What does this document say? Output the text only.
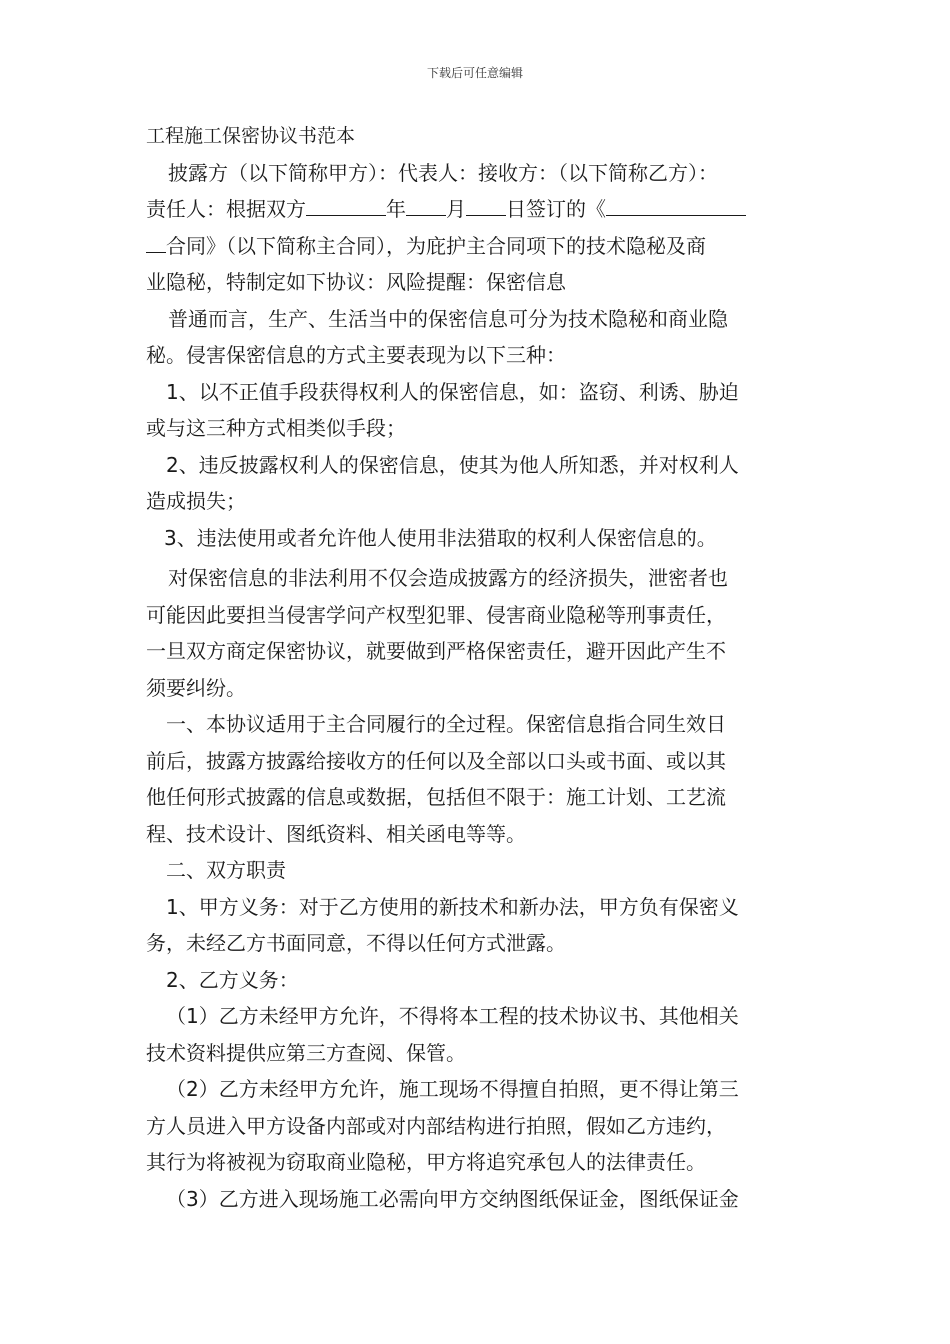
下载后可任意编辑
工程施工保密协议书范本
披露方（以下简称甲方）：代表人：接收方：（以下简称乙方）：
责任人：根据双方	年 月 日签订的《
合同》（以下简称主合同），为庇护主合同项下的技术隐秘及商
业隐秘，特制定如下协议：风险提醒：保密信息
普通而言，生产、生活当中的保密信息可分为技术隐秘和商业隐
秘。侵害保密信息的方式主要表现为以下三种：
1、以不正值手段获得权利人的保密信息，如：盗窃、利诱、胁迫
或与这三种方式相类似手段；
2、违反披露权利人的保密信息，使其为他人所知悉，并对权利人
造成损失；
3、违法使用或者允许他人使用非法猎取的权利人保密信息的。
对保密信息的非法利用不仅会造成披露方的经济损失，泄密者也
可能因此要担当侵害学问产权型犯罪、侵害商业隐秘等刑事责任，
一旦双方商定保密协议，就要做到严格保密责任，避开因此产生不
须要纠纷。
一、本协议适用于主合同履行的全过程。保密信息指合同生效日
前后，披露方披露给接收方的任何以及全部以口头或书面、或以其
他任何形式披露的信息或数据，包括但不限于：施工计划、工艺流
程、技术设计、图纸资料、相关函电等等。
二、双方职责
1、甲方义务：对于乙方使用的新技术和新办法，甲方负有保密义
务，未经乙方书面同意，不得以任何方式泄露。
2、乙方义务：
（1）乙方未经甲方允许，不得将本工程的技术协议书、其他相关
技术资料提供应第三方查阅、保管。
（2）乙方未经甲方允许，施工现场不得擅自拍照，更不得让第三
方人员进入甲方设备内部或对内部结构进行拍照，假如乙方违约，
其行为将被视为窃取商业隐秘，甲方将追究承包人的法律责任。
（3）乙方进入现场施工必需向甲方交纳图纸保证金，图纸保证金
